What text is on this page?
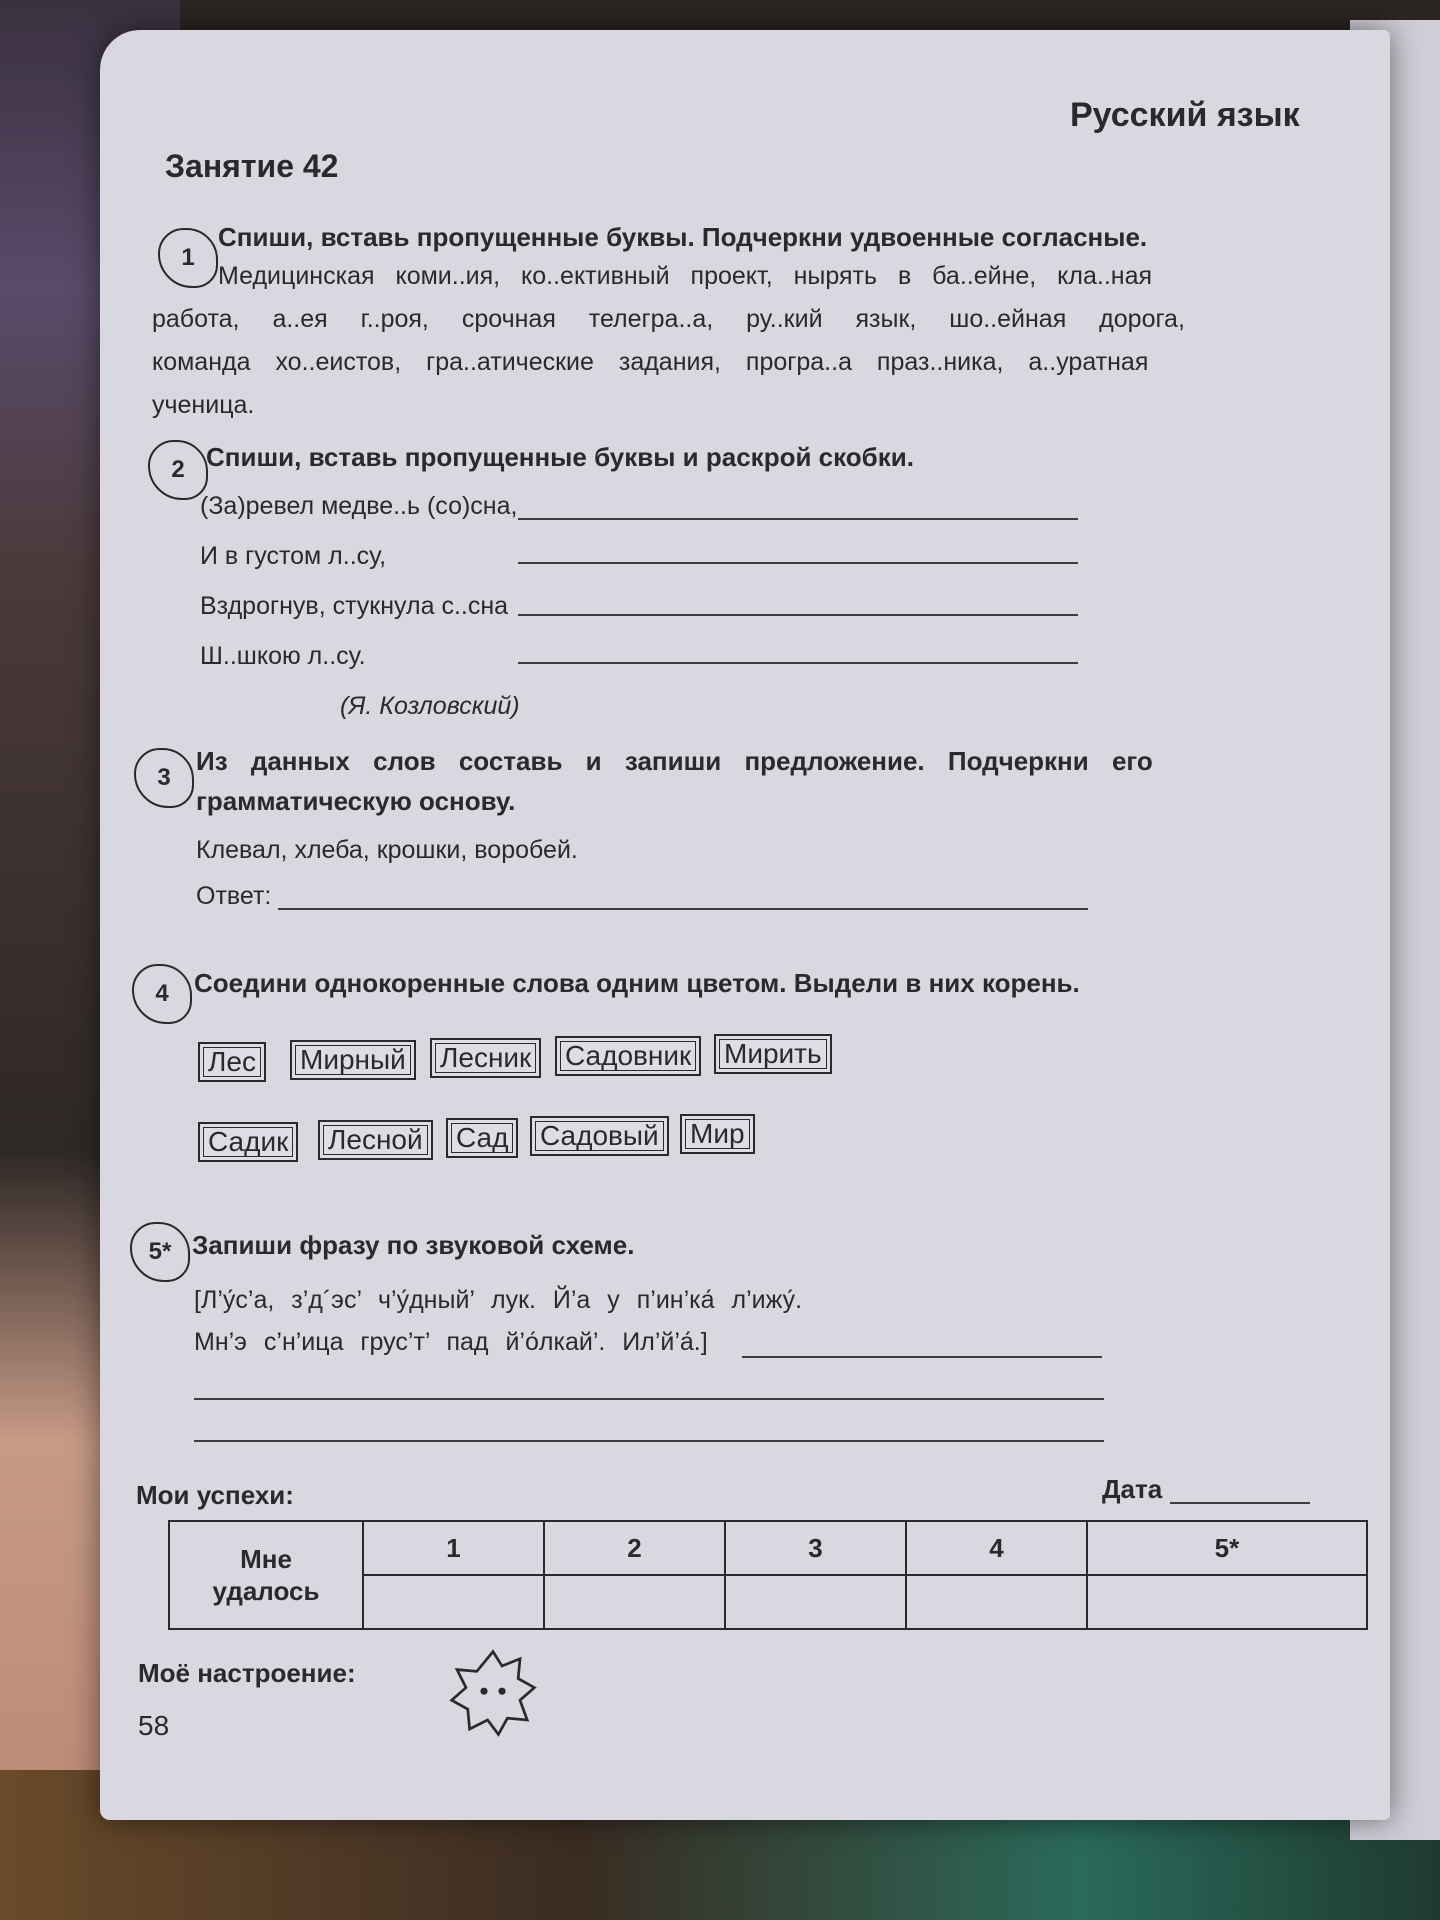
Русский язык
Занятие 42
1
Спиши, вставь пропущенные буквы. Подчеркни удвоенные согласные.
Медицинская коми..ия, ко..ективный проект, нырять в ба..ейне, кла..ная
работа, а..ея г..роя, срочная телегра..а, ру..кий язык, шо..ейная дорога,
команда хо..еистов, гра..атические задания, програ..а праз..ника, а..уратная
ученица.
2 Спиши, вставь пропущенные буквы и раскрой скобки.
(За)ревел медве..ь (со)сна,
И в густом л..су,
Вздрогнув, стукнула с..сна
Ш..шкою л..су.
(Я. Козловский)
3
Из данных слов составь и запиши предложение. Подчеркни его
грамматическую основу.
Клевал, хлеба, крошки, воробей.
Ответ:
4 Соедини однокоренные слова одним цветом. Выдели в них корень.
Лес	Мирный	Лесник	Садовник	Мирить
Садик	Лесной	Сад	Садовый	Мир
5* Запиши фразу по звуковой схеме.
[Л’у́с’а, з’д´эс’ ч’у́дный’ лук. Й’а у п’ин’ка́ л’ижу́.
Мн’э с’н’ица грус’т’ пад й’о́лкай’. Ил’й’а́.]
Мои успехи:	Дата
Мне
удалось	1	2	3	4	5*

Моё настроение:
58
